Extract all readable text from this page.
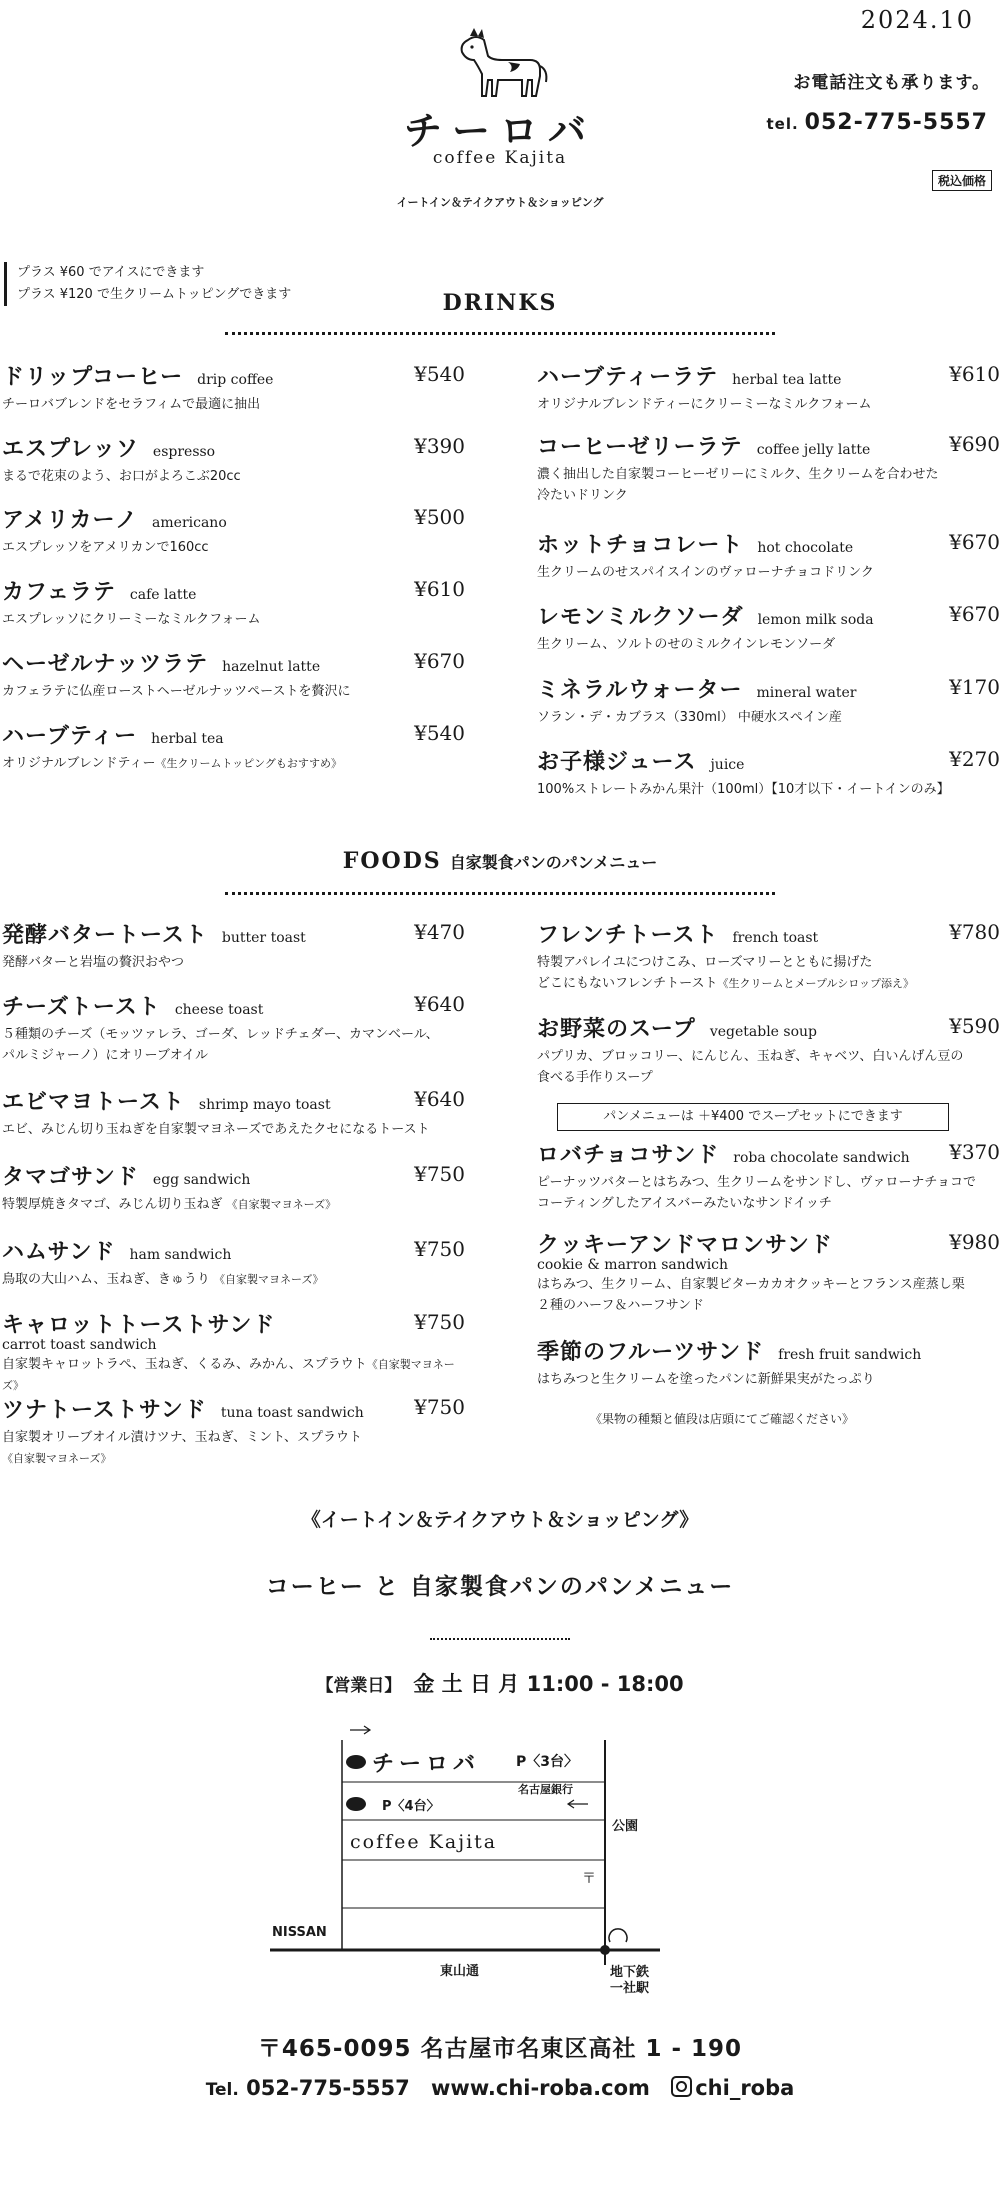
2024.10
チーロバ
coffee Kajita
イートイン＆テイクアウト＆ショッピング
お電話注文も承ります。
tel. 052-775-5557
税込価格
プラス ¥60 でアイスにできます
プラス ¥120 で生クリームトッピングできます	DRINKS
ドリップコーヒー drip coffee	¥540
チーロバブレンドをセラフィムで最適に抽出
エスプレッソ espresso	¥390
まるで花束のよう、お口がよろこぶ20cc
アメリカーノ americano	¥500
エスプレッソをアメリカンで160cc
カフェラテ cafe latte	¥610
エスプレッソにクリーミーなミルクフォーム
ヘーゼルナッツラテ hazelnut latte	¥670
カフェラテに仏産ローストヘーゼルナッツペーストを贅沢に
ハーブティー herbal tea	¥540
オリジナルブレンドティー《生クリームトッピングもおすすめ》
ハーブティーラテ herbal tea latte	¥610
オリジナルブレンドティーにクリーミーなミルクフォーム
コーヒーゼリーラテ coffee jelly latte	¥690
濃く抽出した自家製コーヒーゼリーにミルク、生クリームを合わせた
冷たいドリンク
ホットチョコレート hot chocolate	¥670
生クリームのせスパイスインのヴァローナチョコドリンク
レモンミルクソーダ lemon milk soda	¥670
生クリーム、ソルトのせのミルクインレモンソーダ
ミネラルウォーター mineral water	¥170
ソラン・デ・カブラス（330ml） 中硬水スペイン産
お子様ジュース juice	¥270
100%ストレートみかん果汁（100ml）【10才以下・イートインのみ】
FOODS 自家製食パンのパンメニュー
発酵バタートースト butter toast	¥470
発酵バターと岩塩の贅沢おやつ
チーズトースト cheese toast	¥640
５種類のチーズ（モッツァレラ、ゴーダ、レッドチェダー、カマンベール、
パルミジャーノ）にオリーブオイル
エビマヨトースト shrimp mayo toast	¥640
エビ、みじん切り玉ねぎを自家製マヨネーズであえたクセになるトースト
タマゴサンド egg sandwich	¥750
特製厚焼きタマゴ、みじん切り玉ねぎ 《自家製マヨネーズ》
ハムサンド ham sandwich	¥750
鳥取の大山ハム、玉ねぎ、きゅうり 《自家製マヨネーズ》
キャロットトーストサンド	¥750
carrot toast sandwich
自家製キャロットラペ、玉ねぎ、くるみ、みかん、スプラウト《自家製マヨネーズ》
ツナトーストサンド tuna toast sandwich	¥750
自家製オリーブオイル漬けツナ、玉ねぎ、ミント、スプラウト
《自家製マヨネーズ》
フレンチトースト french toast	¥780
特製アパレイユにつけこみ、ローズマリーとともに揚げた
どこにもないフレンチトースト《生クリームとメープルシロップ添え》
お野菜のスープ vegetable soup	¥590
パプリカ、ブロッコリー、にんじん、玉ねぎ、キャベツ、白いんげん豆の
食べる手作りスープ
パンメニューは ＋¥400 でスープセットにできます
ロバチョコサンド roba chocolate sandwich ¥370
ピーナッツバターとはちみつ、生クリームをサンドし、ヴァローナチョコで
コーティングしたアイスバーみたいなサンドイッチ
クッキーアンドマロンサンド	¥980
cookie & marron sandwich
はちみつ、生クリーム、自家製ビターカカオクッキーとフランス産蒸し栗
２種のハーフ＆ハーフサンド
季節のフルーツサンド fresh fruit sandwich
はちみつと生クリームを塗ったパンに新鮮果実がたっぷり
《果物の種類と値段は店頭にてご確認ください》
《イートイン＆テイクアウト＆ショッピング》
コーヒー と 自家製食パンのパンメニュー
【営業日】 金 土 日 月 11:00 - 18:00
チーロバ
coffee Kajita
P〈3台〉
P〈4台〉
名古屋銀行
公園
〒
NISSAN
東山通	地下鉄一社駅
〒465-0095 名古屋市名東区高社 1 - 190
Tel. 052-775-5557 www.chi-roba.com chi_roba
